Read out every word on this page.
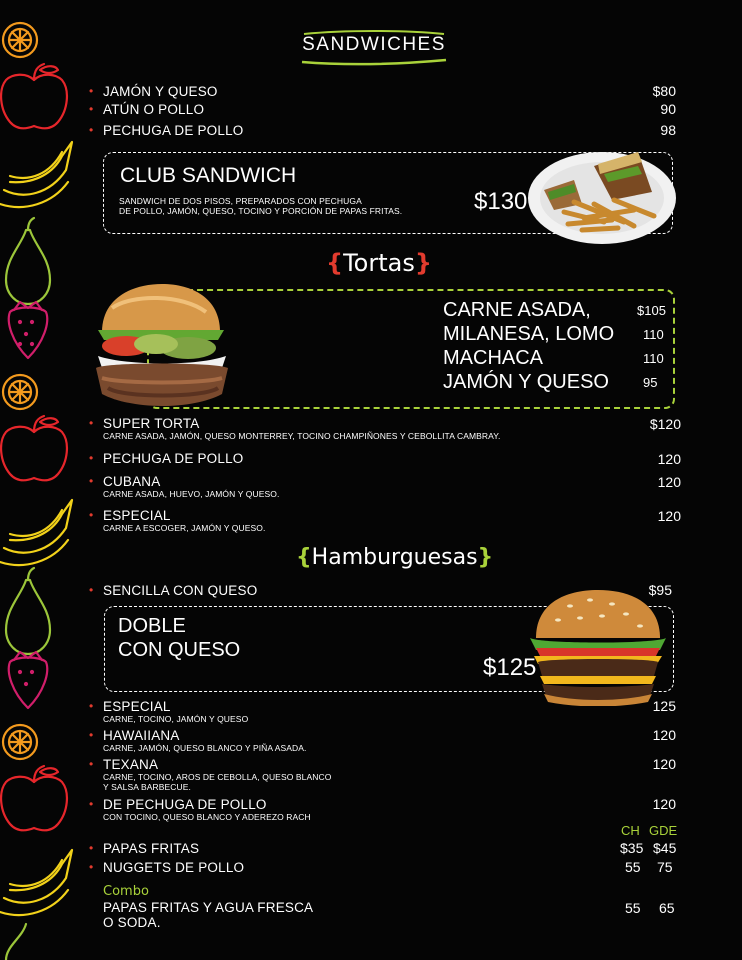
SANDWICHES
• JAMÓN Y QUESO	$80
• ATÚN O POLLO	90
• PECHUGA DE POLLO	98
CLUB SANDWICH
SANDWICH DE DOS PISOS, PREPARADOS CON PECHUGA
DE POLLO, JAMÓN, QUESO, TOCINO Y PORCIÓN DE PAPAS FRITAS.	$130
{Tortas}
CARNE ASADA,	$105
MILANESA, LOMO 110
MACHACA	110
JAMÓN Y QUESO	95
• SUPER TORTA
CARNE ASADA, JAMÓN, QUESO MONTERREY, TOCINO CHAMPIÑONES Y CEBOLLITA CAMBRAY.
$120
• PECHUGA DE POLLO	120
• CUBANA
CARNE ASADA, HUEVO, JAMÓN Y QUESO.
120
• ESPECIAL
CARNE A ESCOGER, JAMÓN Y QUESO.
120
{Hamburguesas}
• SENCILLA CON QUESO	$95
DOBLE
CON QUESO
$125
• ESPECIAL
CARNE, TOCINO, JAMÓN Y QUESO
125
• HAWAIIANA
CARNE, JAMÓN, QUESO BLANCO Y PIÑA ASADA.
120
• TEXANA
CARNE, TOCINO, AROS DE CEBOLLA, QUESO BLANCO
Y SALSA BARBECUE.
120
• DE PECHUGA DE POLLO
CON TOCINO, QUESO BLANCO Y ADEREZO RACH
120
CH GDE
• PAPAS FRITAS	$35 $45
• NUGGETS DE POLLO	55 75
Combo
PAPAS FRITAS Y AGUA FRESCA
O SODA.
55 65
